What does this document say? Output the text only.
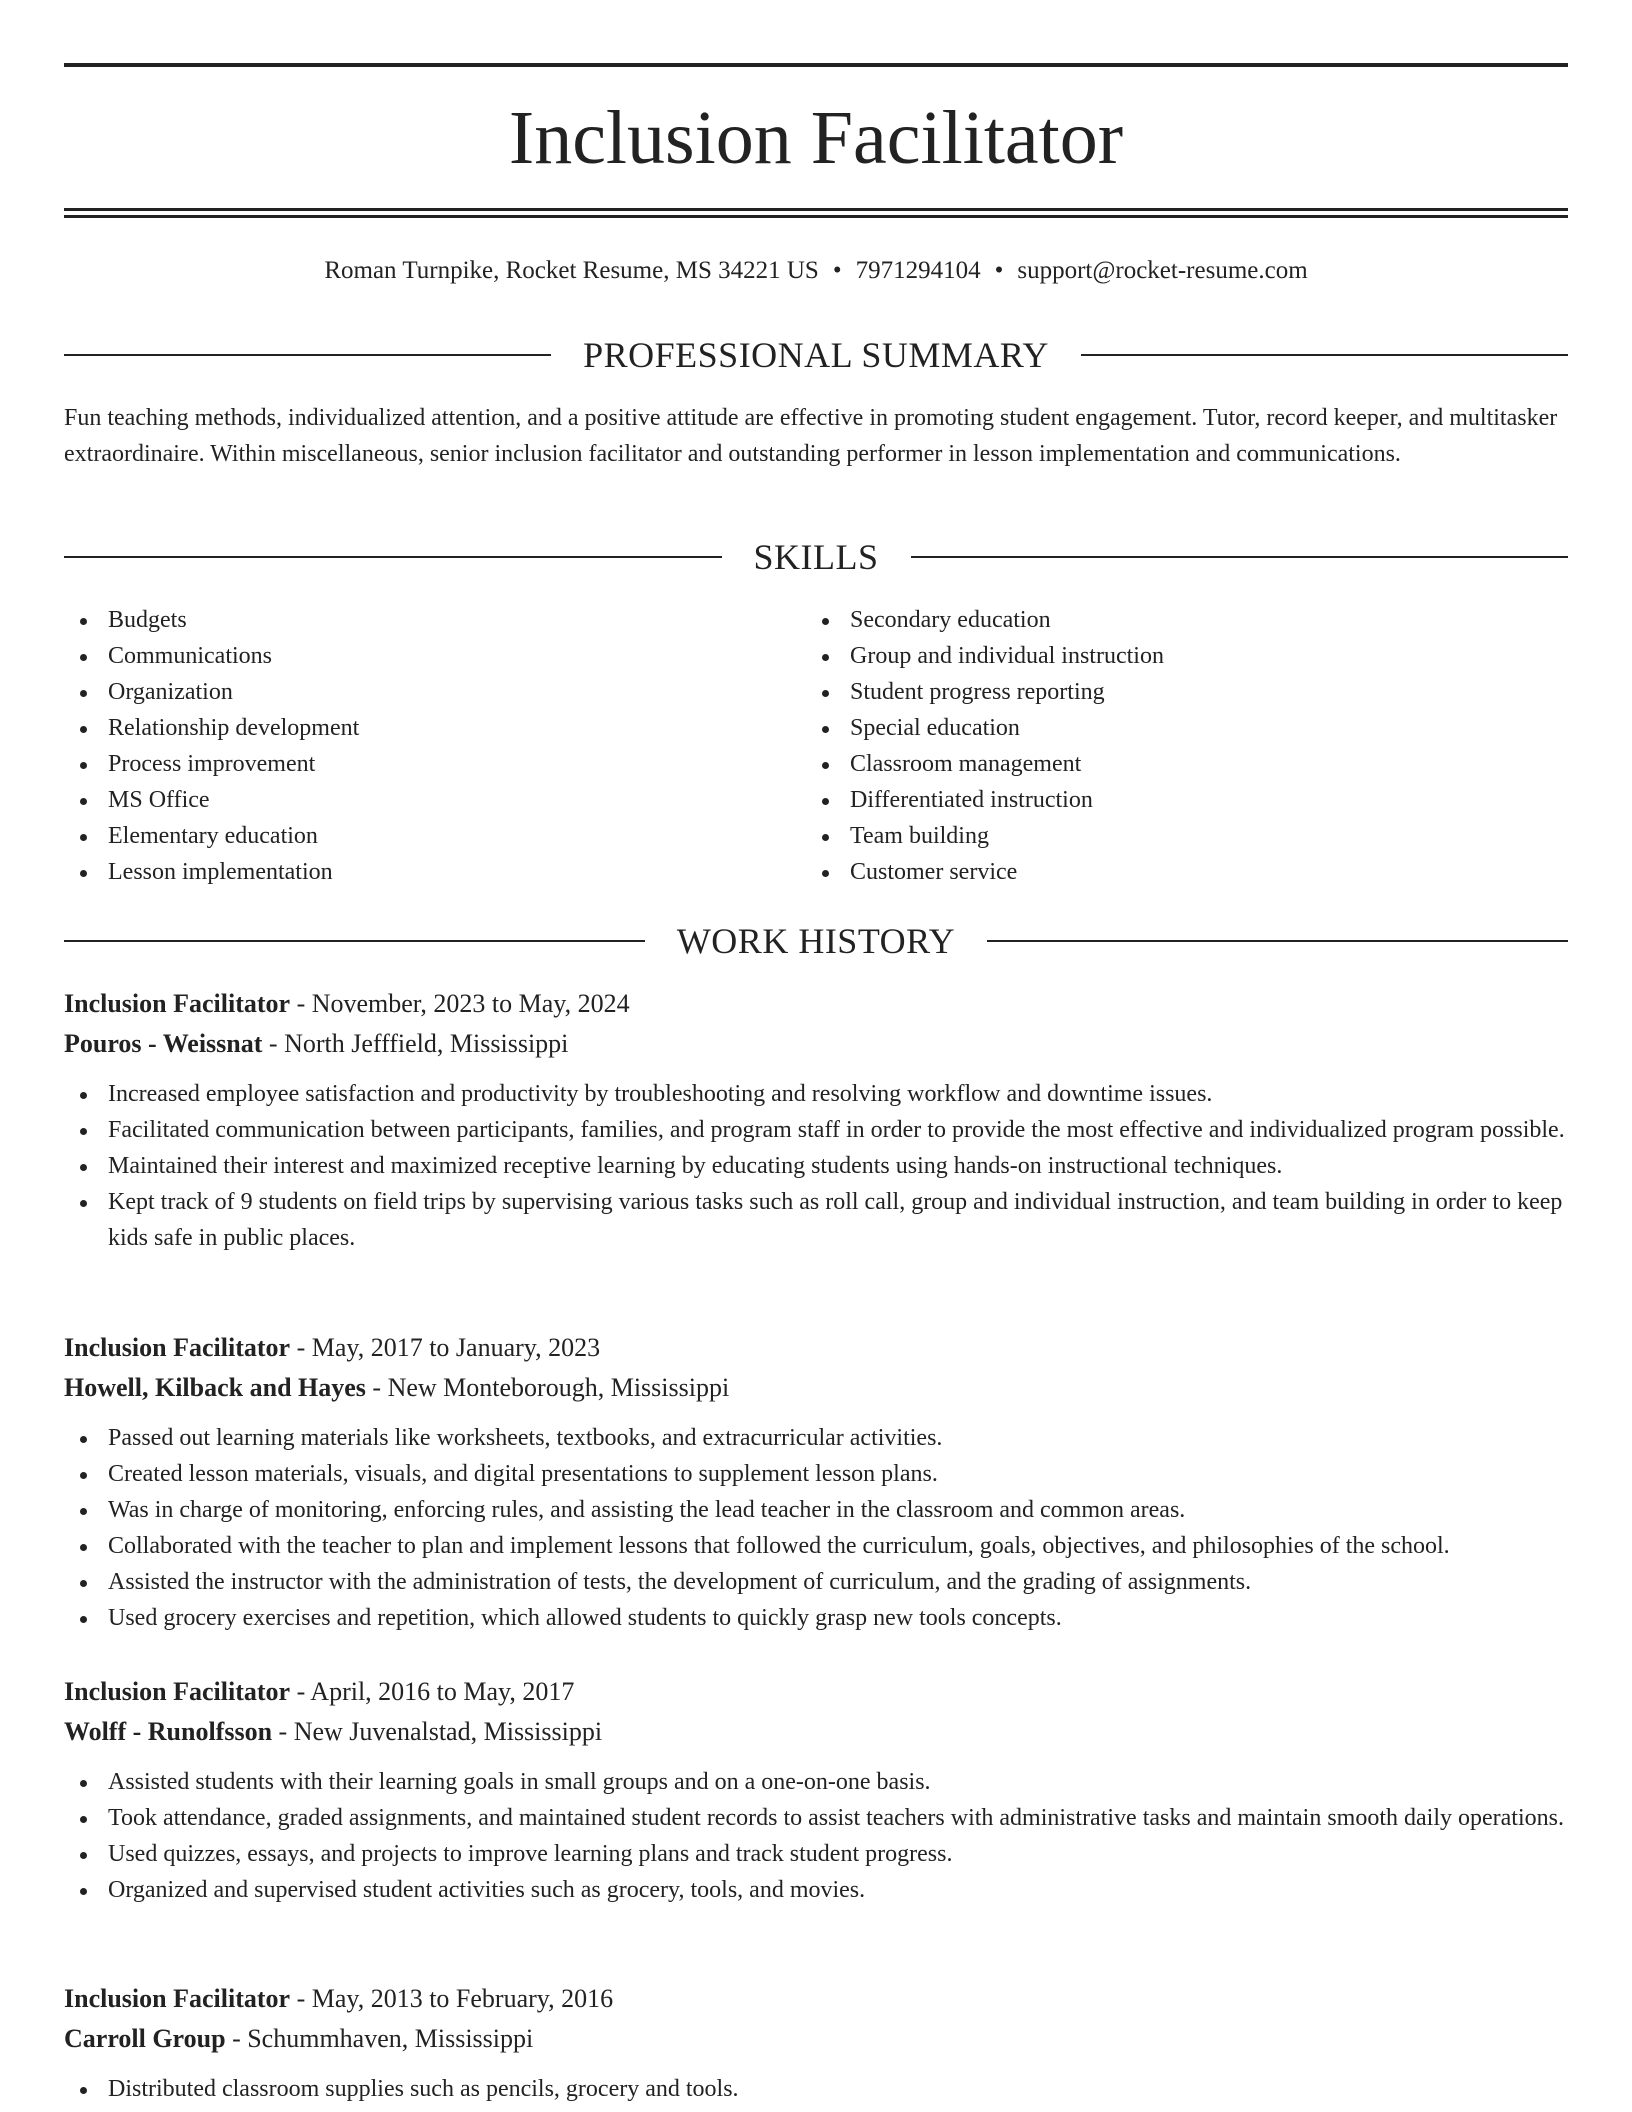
Inclusion Facilitator
Roman Turnpike, Rocket Resume, MS 34221 US • 7971294104 • support@rocket-resume.com
PROFESSIONAL SUMMARY

Fun teaching methods, individualized attention, and a positive attitude are effective in promoting student engagement. Tutor, record keeper, and multitasker extraordinaire. Within miscellaneous, senior inclusion facilitator and outstanding performer in lesson implementation and communications.

SKILLS
Budgets
Communications
Organization
Relationship development
Process improvement
MS Office
Elementary education
Lesson implementation
Secondary education
Group and individual instruction
Student progress reporting
Special education
Classroom management
Differentiated instruction
Team building
Customer service
WORK HISTORY
Inclusion Facilitator - November, 2023 to May, 2024
Pouros - Weissnat - North Jefffield, Mississippi
Increased employee satisfaction and productivity by troubleshooting and resolving workflow and downtime issues.
Facilitated communication between participants, families, and program staff in order to provide the most effective and individualized program possible.
Maintained their interest and maximized receptive learning by educating students using hands-on instructional techniques.
Kept track of 9 students on field trips by supervising various tasks such as roll call, group and individual instruction, and team building in order to keep kids safe in public places.
Inclusion Facilitator - May, 2017 to January, 2023
Howell, Kilback and Hayes - New Monteborough, Mississippi
Passed out learning materials like worksheets, textbooks, and extracurricular activities.
Created lesson materials, visuals, and digital presentations to supplement lesson plans.
Was in charge of monitoring, enforcing rules, and assisting the lead teacher in the classroom and common areas.
Collaborated with the teacher to plan and implement lessons that followed the curriculum, goals, objectives, and philosophies of the school.
Assisted the instructor with the administration of tests, the development of curriculum, and the grading of assignments.
Used grocery exercises and repetition, which allowed students to quickly grasp new tools concepts.
Inclusion Facilitator - April, 2016 to May, 2017
Wolff - Runolfsson - New Juvenalstad, Mississippi
Assisted students with their learning goals in small groups and on a one-on-one basis.
Took attendance, graded assignments, and maintained student records to assist teachers with administrative tasks and maintain smooth daily operations.
Used quizzes, essays, and projects to improve learning plans and track student progress.
Organized and supervised student activities such as grocery, tools, and movies.
Inclusion Facilitator - May, 2013 to February, 2016
Carroll Group - Schummhaven, Mississippi
Distributed classroom supplies such as pencils, grocery and tools.
